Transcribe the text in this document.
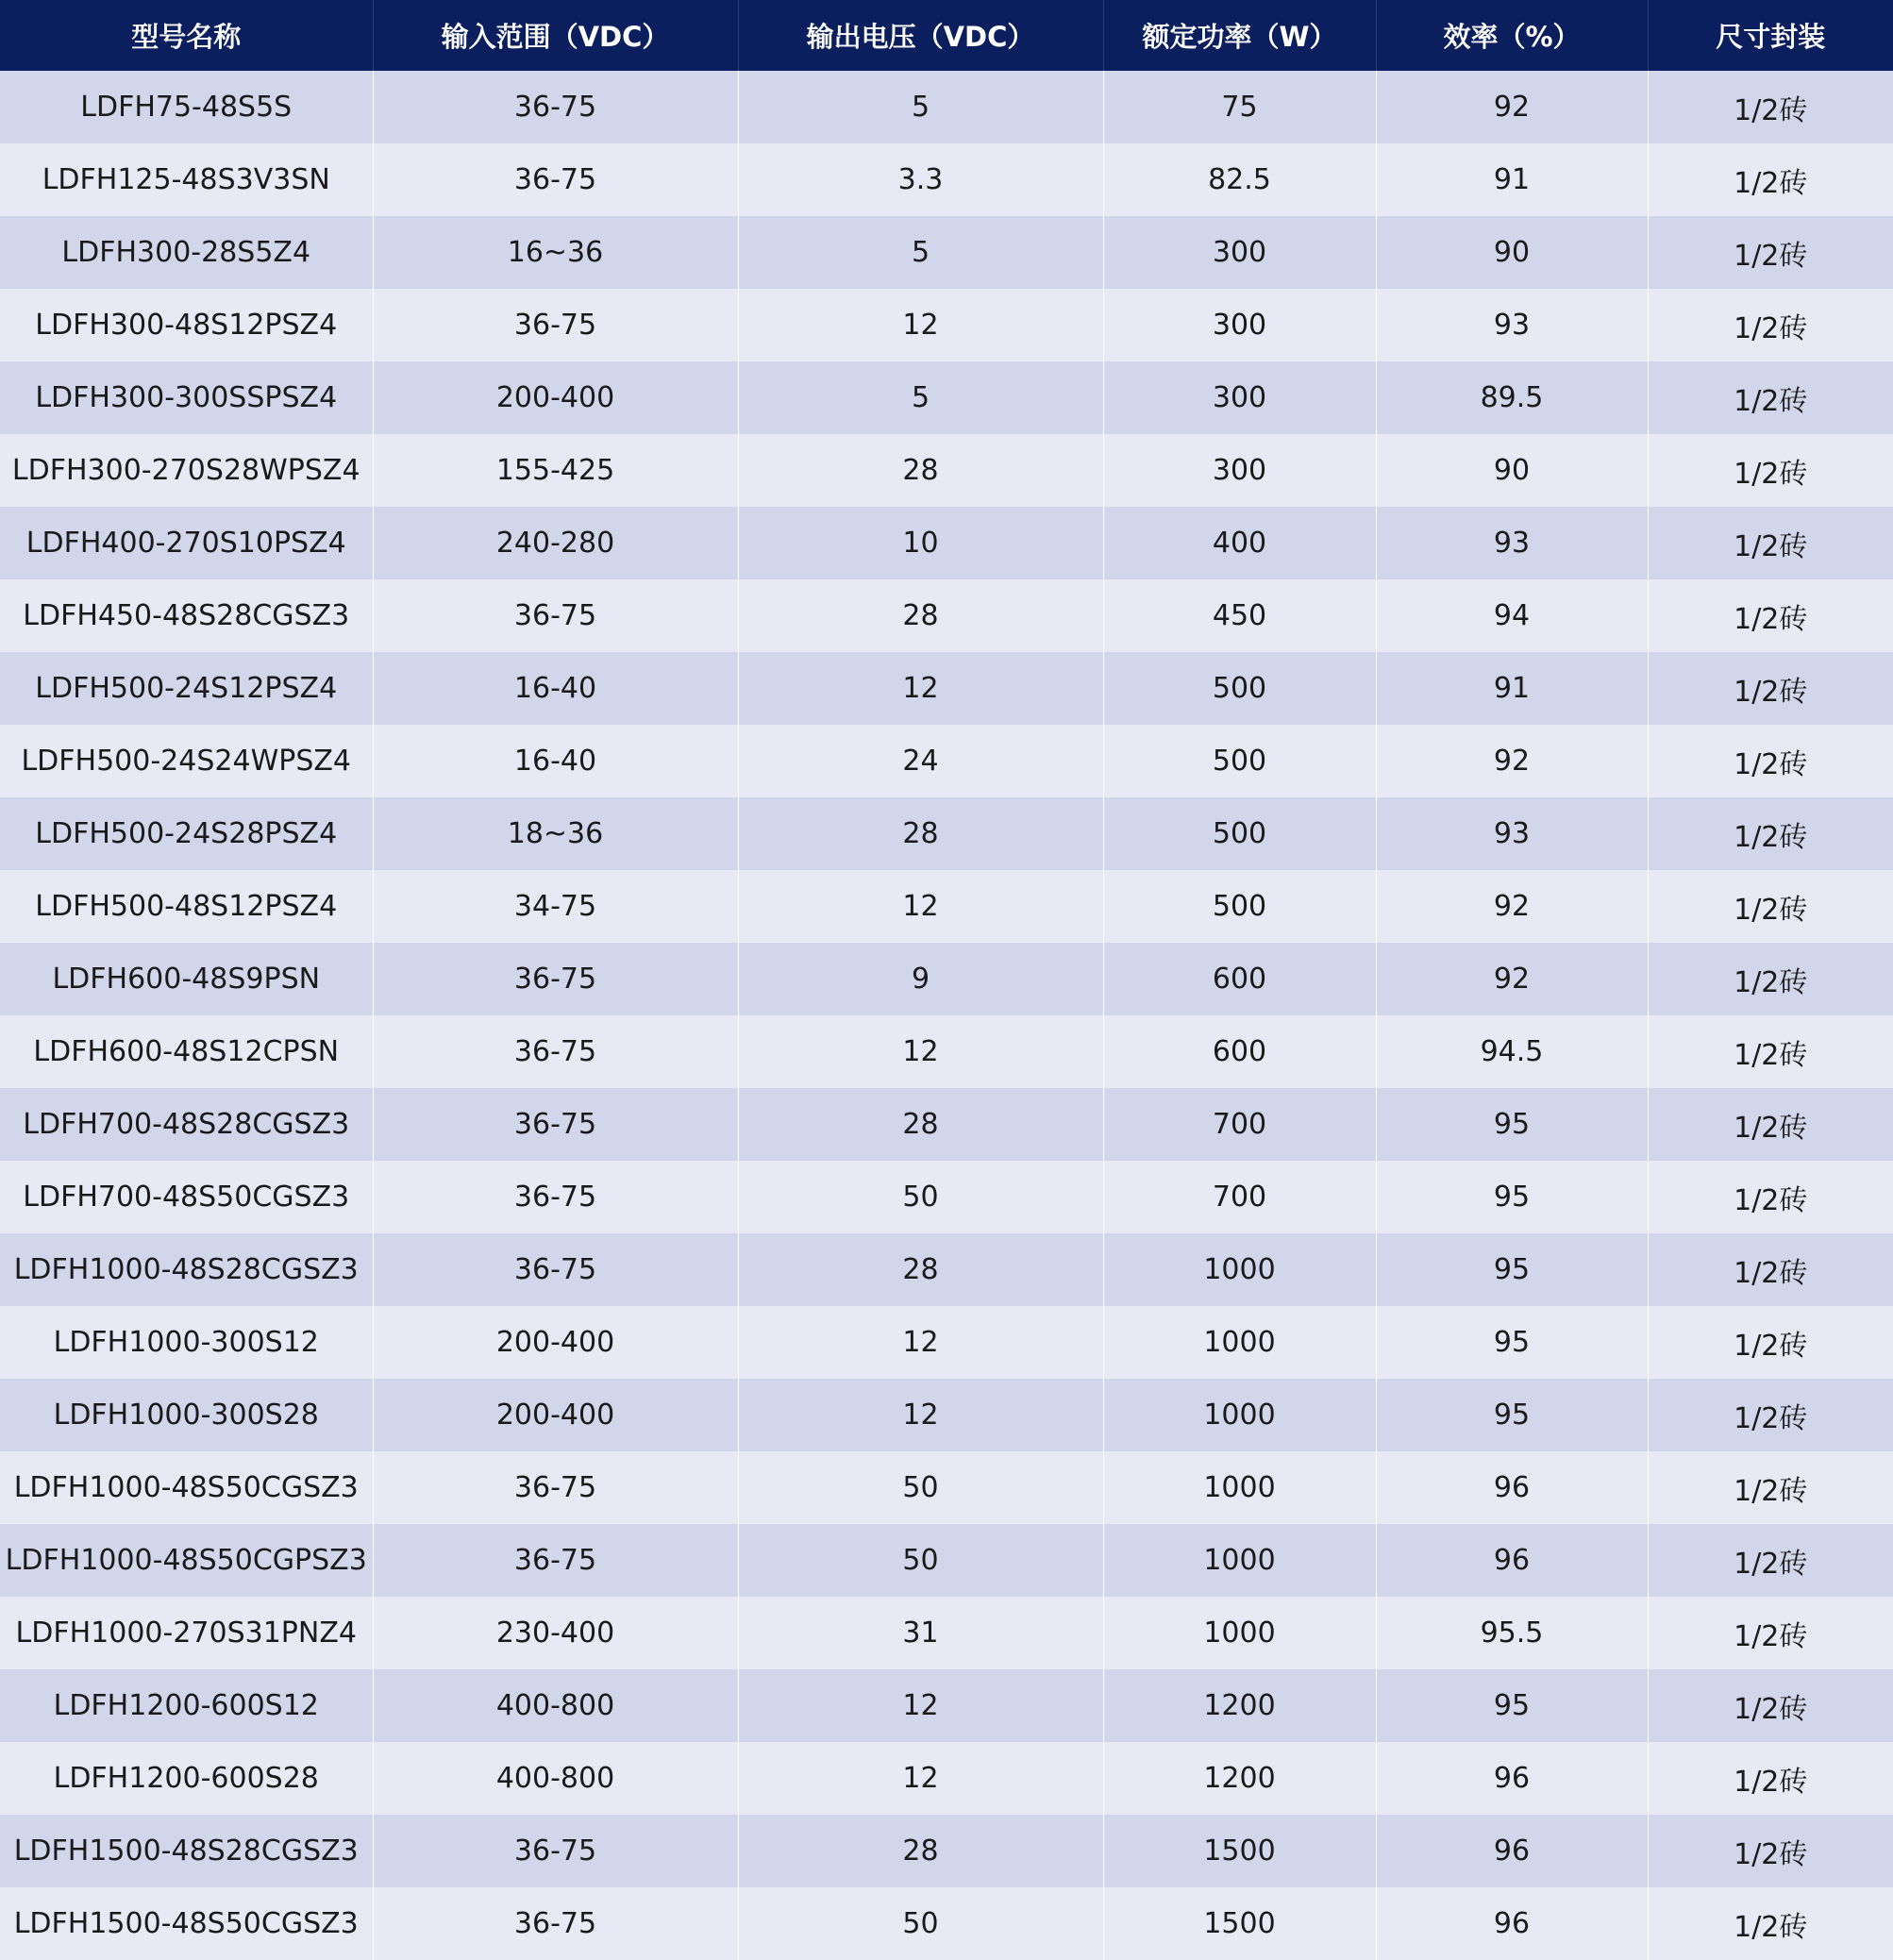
型号名称	输入范围（VDC）	输出电压（VDC）	额定功率（W）	效率（%）	尺寸封装
LDFH75-48S5S	36-75	5	75	92	1/2砖
LDFH125-48S3V3SN	36-75	3.3	82.5	91	1/2砖
LDFH300-28S5Z4	16~36	5	300	90	1/2砖
LDFH300-48S12PSZ4	36-75	12	300	93	1/2砖
LDFH300-300SSPSZ4	200-400	5	300	89.5	1/2砖
LDFH300-270S28WPSZ4	155-425	28	300	90	1/2砖
LDFH400-270S10PSZ4	240-280	10	400	93	1/2砖
LDFH450-48S28CGSZ3	36-75	28	450	94	1/2砖
LDFH500-24S12PSZ4	16-40	12	500	91	1/2砖
LDFH500-24S24WPSZ4	16-40	24	500	92	1/2砖
LDFH500-24S28PSZ4	18~36	28	500	93	1/2砖
LDFH500-48S12PSZ4	34-75	12	500	92	1/2砖
LDFH600-48S9PSN	36-75	9	600	92	1/2砖
LDFH600-48S12CPSN	36-75	12	600	94.5	1/2砖
LDFH700-48S28CGSZ3	36-75	28	700	95	1/2砖
LDFH700-48S50CGSZ3	36-75	50	700	95	1/2砖
LDFH1000-48S28CGSZ3	36-75	28	1000	95	1/2砖
LDFH1000-300S12	200-400	12	1000	95	1/2砖
LDFH1000-300S28	200-400	12	1000	95	1/2砖
LDFH1000-48S50CGSZ3	36-75	50	1000	96	1/2砖
LDFH1000-48S50CGPSZ3	36-75	50	1000	96	1/2砖
LDFH1000-270S31PNZ4	230-400	31	1000	95.5	1/2砖
LDFH1200-600S12	400-800	12	1200	95	1/2砖
LDFH1200-600S28	400-800	12	1200	96	1/2砖
LDFH1500-48S28CGSZ3	36-75	28	1500	96	1/2砖
LDFH1500-48S50CGSZ3	36-75	50	1500	96	1/2砖
